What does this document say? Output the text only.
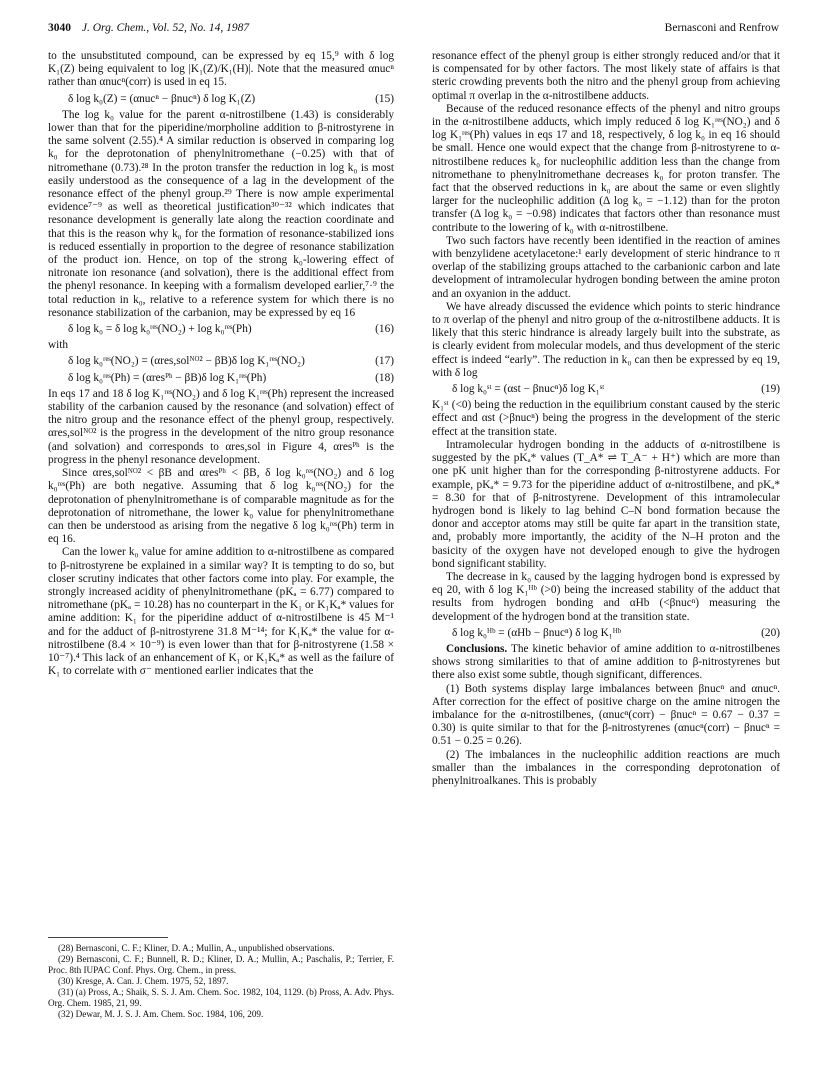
3040 J. Org. Chem., Vol. 52, No. 14, 1987	Bernasconi and Renfrow

to the unsubstituted compound, can be expressed by eq 15,⁹ with δ log K₁(Z) being equivalent to log |K₁(Z)/K₁(H)|. Note that the measured αnucⁿ rather than αnucⁿ(corr) is used in eq 15.

δ log k₀(Z) = (αnucⁿ − βnucⁿ) δ log K₁(Z)	(15)

The log k₀ value for the parent α-nitrostilbene (1.43) is considerably lower than that for the piperidine/morpholine addition to β-nitrostyrene in the same solvent (2.55).⁴ A similar reduction is observed in comparing log k₀ for the deprotonation of phenylnitromethane (−0.25) with that of nitromethane (0.73).²⁸ In the proton transfer the reduction in log k₀ is most easily understood as the consequence of a lag in the development of the resonance effect of the phenyl group.²⁹ There is now ample experimental evidence⁷⁻⁹ as well as theoretical justification³⁰⁻³² which indicates that resonance development is generally late along the reaction coordinate and that this is the reason why k₀ for the formation of resonance-stabilized ions is reduced essentially in proportion to the degree of resonance stabilization of the product ion. Hence, on top of the strong k₀-lowering effect of nitronate ion resonance (and solvation), there is the additional effect from the phenyl resonance. In keeping with a formalism developed earlier,⁷·⁹ the total reduction in k₀, relative to a reference system for which there is no resonance stabilization of the carbanion, may be expressed by eq 16

δ log k₀ = δ log k₀ʳᵉˢ(NO₂) + log k₀ʳᵉˢ(Ph)	(16)
with
δ log k₀ʳᵉˢ(NO₂) = (αres,solᴺᴼ² − βB)δ log K₁ʳᵉˢ(NO₂)	(17)
δ log k₀ʳᵉˢ(Ph) = (αresᴾʰ − βB)δ log K₁ʳᵉˢ(Ph)	(18)

In eqs 17 and 18 δ log K₁ʳᵉˢ(NO₂) and δ log K₁ʳᵉˢ(Ph) represent the increased stability of the carbanion caused by the resonance (and solvation) effect of the nitro group and the resonance effect of the phenyl group, respectively. αres,solᴺᴼ² is the progress in the development of the nitro group resonance (and solvation) and corresponds to αres,sol in Figure 4, αresᴾʰ is the progress in the phenyl resonance development.

Since αres,solᴺᴼ² < βB and αresᴾʰ < βB, δ log k₀ʳᵉˢ(NO₂) and δ log k₀ʳᵉˢ(Ph) are both negative. Assuming that δ log k₀ʳᵉˢ(NO₂) for the deprotonation of phenylnitromethane is of comparable magnitude as for the deprotonation of nitromethane, the lower k₀ value for phenylnitromethane can then be understood as arising from the negative δ log k₀ʳᵉˢ(Ph) term in eq 16.

Can the lower k₀ value for amine addition to α-nitrostilbene as compared to β-nitrostyrene be explained in a similar way? It is tempting to do so, but closer scrutiny indicates that other factors come into play. For example, the strongly increased acidity of phenylnitromethane (pKₐ = 6.77) compared to nitromethane (pKₐ = 10.28) has no counterpart in the K₁ or K₁Kₐ* values for amine addition: K₁ for the piperidine adduct of α-nitrostilbene is 45 M⁻¹ and for the adduct of β-nitrostyrene 31.8 M⁻¹⁴; for K₁Kₐ* the value for α-nitrostilbene (8.4 × 10⁻⁹) is even lower than that for β-nitrostyrene (1.58 × 10⁻⁷).⁴ This lack of an enhancement of K₁ or K₁Kₐ* as well as the failure of K₁ to correlate with σ⁻ mentioned earlier indicates that the

resonance effect of the phenyl group is either strongly reduced and/or that it is compensated for by other factors. The most likely state of affairs is that steric crowding prevents both the nitro and the phenyl group from achieving optimal π overlap in the α-nitrostilbene adducts.

Because of the reduced resonance effects of the phenyl and nitro groups in the α-nitrostilbene adducts, which imply reduced δ log K₁ʳᵉˢ(NO₂) and δ log K₁ʳᵉˢ(Ph) values in eqs 17 and 18, respectively, δ log k₀ in eq 16 should be small. Hence one would expect that the change from β-nitrostyrene to α-nitrostilbene reduces k₀ for nucleophilic addition less than the change from nitromethane to phenylnitromethane decreases k₀ for proton transfer. The fact that the observed reductions in k₀ are about the same or even slightly larger for the nucleophilic addition (Δ log k₀ = −1.12) than for the proton transfer (Δ log k₀ = −0.98) indicates that factors other than resonance must contribute to the lowering of k₀ with α-nitrostilbene.

Two such factors have recently been identified in the reaction of amines with benzylidene acetylacetone:¹ early development of steric hindrance to π overlap of the stabilizing groups attached to the carbanionic carbon and late development of intramolecular hydrogen bonding between the amine proton and an oxyanion in the adduct.

We have already discussed the evidence which points to steric hindrance to π overlap of the phenyl and nitro group of the α-nitrostilbene adducts. It is likely that this steric hindrance is already largely built into the substrate, as is clearly evident from molecular models, and thus development of the steric effect is indeed “early”. The reduction in k₀ can then be expressed by eq 19, with δ log

δ log k₀ˢᵗ = (αst − βnucⁿ)δ log K₁ˢᵗ	(19)

K₁ˢᵗ (<0) being the reduction in the equilibrium constant caused by the steric effect and αst (>βnucⁿ) being the progress in the development of the steric effect at the transition state.

Intramolecular hydrogen bonding in the adducts of α-nitrostilbene is suggested by the pKₐ* values (T_A* ⇌ T_A⁻ + H⁺) which are more than one pK unit higher than for the corresponding β-nitrostyrene adducts. For example, pKₐ* = 9.73 for the piperidine adduct of α-nitrostilbene, and pKₐ* = 8.30 for that of β-nitrostyrene. Development of this intramolecular hydrogen bond is likely to lag behind C–N bond formation because the donor and acceptor atoms may still be quite far apart in the transition state, and, probably more importantly, the acidity of the N–H proton and the basicity of the oxygen have not developed enough to give the hydrogen bond significant stability.

The decrease in k₀ caused by the lagging hydrogen bond is expressed by eq 20, with δ log K₁ᴴᵇ (>0) being the increased stability of the adduct that results from hydrogen bonding and αHb (<βnucⁿ) measuring the development of the hydrogen bond at the transition state.

δ log k₀ᴴᵇ = (αHb − βnucⁿ) δ log K₁ᴴᵇ	(20)

Conclusions. The kinetic behavior of amine addition to α-nitrostilbenes shows strong similarities to that of amine addition to β-nitrostyrenes but there also exist some subtle, though significant, differences.

(1) Both systems display large imbalances between βnucⁿ and αnucⁿ. After correction for the effect of positive charge on the amine nitrogen the imbalance for the α-nitrostilbenes, (αnucⁿ(corr) − βnucⁿ = 0.67 − 0.37 = 0.30) is quite similar to that for the β-nitrostyrenes (αnucⁿ(corr) − βnucⁿ = 0.51 − 0.25 = 0.26).

(2) The imbalances in the nucleophilic addition reactions are much smaller than the imbalances in the corresponding deprotonation of phenylnitroalkanes. This is probably

(28) Bernasconi, C. F.; Kliner, D. A.; Mullin, A., unpublished observations.
(29) Bernasconi, C. F.; Bunnell, R. D.; Kliner, D. A.; Mullin, A.; Paschalis, P.; Terrier, F. Proc. 8th IUPAC Conf. Phys. Org. Chem., in press.
(30) Kresge, A. Can. J. Chem. 1975, 52, 1897.
(31) (a) Pross, A.; Shaik, S. S. J. Am. Chem. Soc. 1982, 104, 1129. (b) Pross, A. Adv. Phys. Org. Chem. 1985, 21, 99.
(32) Dewar, M. J. S. J. Am. Chem. Soc. 1984, 106, 209.
